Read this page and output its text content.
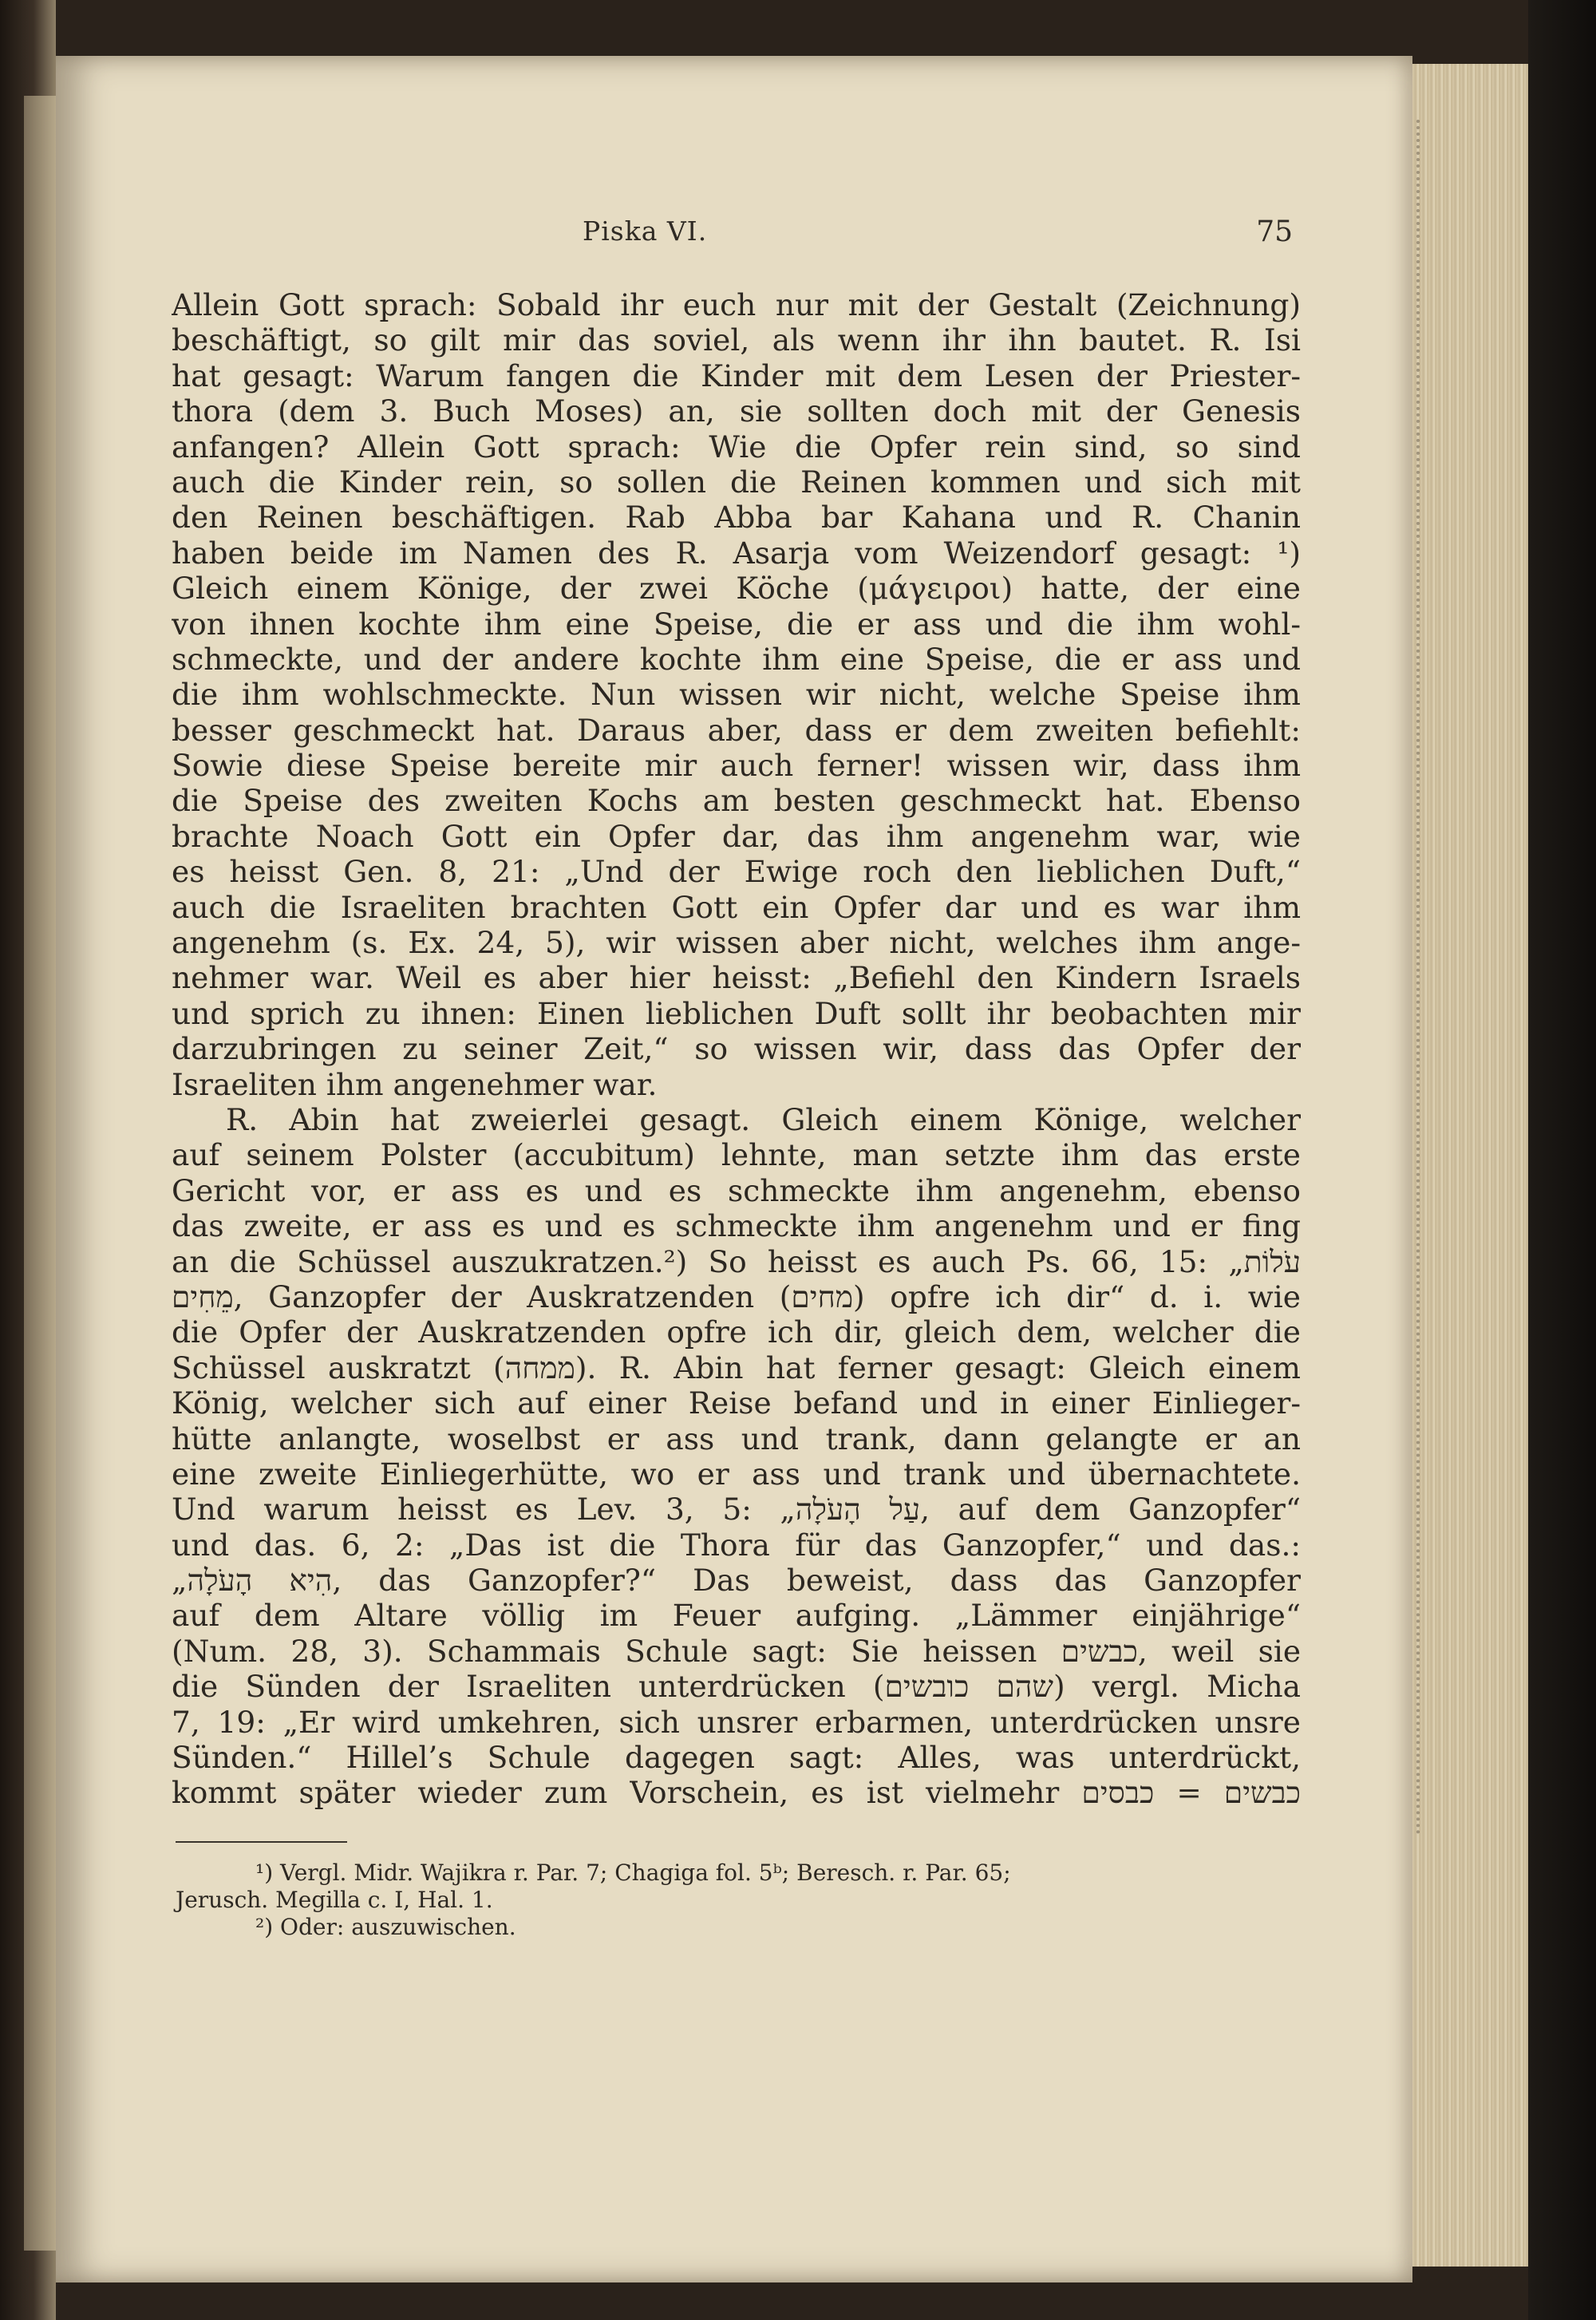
Piska VI.	75
Allein Gott sprach: Sobald ihr euch nur mit der Gestalt (Zeichnung)
beschäftigt, so gilt mir das soviel, als wenn ihr ihn bautet. R. Isi
hat gesagt: Warum fangen die Kinder mit dem Lesen der Priester-
thora (dem 3. Buch Moses) an, sie sollten doch mit der Genesis
anfangen? Allein Gott sprach: Wie die Opfer rein sind, so sind
auch die Kinder rein, so sollen die Reinen kommen und sich mit
den Reinen beschäftigen. Rab Abba bar Kahana und R. Chanin
haben beide im Namen des R. Asarja vom Weizendorf gesagt: ¹)
Gleich einem Könige, der zwei Köche (μάγειροι) hatte, der eine
von ihnen kochte ihm eine Speise, die er ass und die ihm wohl-
schmeckte, und der andere kochte ihm eine Speise, die er ass und
die ihm wohlschmeckte. Nun wissen wir nicht, welche Speise ihm
besser geschmeckt hat. Daraus aber, dass er dem zweiten befiehlt:
Sowie diese Speise bereite mir auch ferner! wissen wir, dass ihm
die Speise des zweiten Kochs am besten geschmeckt hat. Ebenso
brachte Noach Gott ein Opfer dar, das ihm angenehm war, wie
es heisst Gen. 8, 21: „Und der Ewige roch den lieblichen Duft,“
auch die Israeliten brachten Gott ein Opfer dar und es war ihm
angenehm (s. Ex. 24, 5), wir wissen aber nicht, welches ihm ange-
nehmer war. Weil es aber hier heisst: „Befiehl den Kindern Israels
und sprich zu ihnen: Einen lieblichen Duft sollt ihr beobachten mir
darzubringen zu seiner Zeit,“ so wissen wir, dass das Opfer der
Israeliten ihm angenehmer war.
R. Abin hat zweierlei gesagt. Gleich einem Könige, welcher
auf seinem Polster (accubitum) lehnte, man setzte ihm das erste
Gericht vor, er ass es und es schmeckte ihm angenehm, ebenso
das zweite, er ass es und es schmeckte ihm angenehm und er fing
an die Schüssel auszukratzen.²) So heisst es auch Ps. 66, 15: „עֹלוֹת
מֵחִים, Ganzopfer der Auskratzenden (מחים) opfre ich dir“ d. i. wie
die Opfer der Auskratzenden opfre ich dir, gleich dem, welcher die
Schüssel auskratzt (ממחה). R. Abin hat ferner gesagt: Gleich einem
König, welcher sich auf einer Reise befand und in einer Einlieger-
hütte anlangte, woselbst er ass und trank, dann gelangte er an
eine zweite Einliegerhütte, wo er ass und trank und übernachtete.
Und warum heisst es Lev. 3, 5: „עַל הָעֹלָה, auf dem Ganzopfer“
und das. 6, 2: „Das ist die Thora für das Ganzopfer,“ und das.:
„הִיא הָעֹלָה, das Ganzopfer?“ Das beweist, dass das Ganzopfer
auf dem Altare völlig im Feuer aufging. „Lämmer einjährige“
(Num. 28, 3). Schammais Schule sagt: Sie heissen כבשים, weil sie
die Sünden der Israeliten unterdrücken (שהם כובשים) vergl. Micha
7, 19: „Er wird umkehren, sich unsrer erbarmen, unterdrücken unsre
Sünden.“ Hillel’s Schule dagegen sagt: Alles, was unterdrückt,
kommt später wieder zum Vorschein, es ist vielmehr כבשים = כבסים
¹) Vergl. Midr. Wajikra r. Par. 7; Chagiga fol. 5ᵇ; Beresch. r. Par. 65;
Jerusch. Megilla c. I, Hal. 1.
²) Oder: auszuwischen.
